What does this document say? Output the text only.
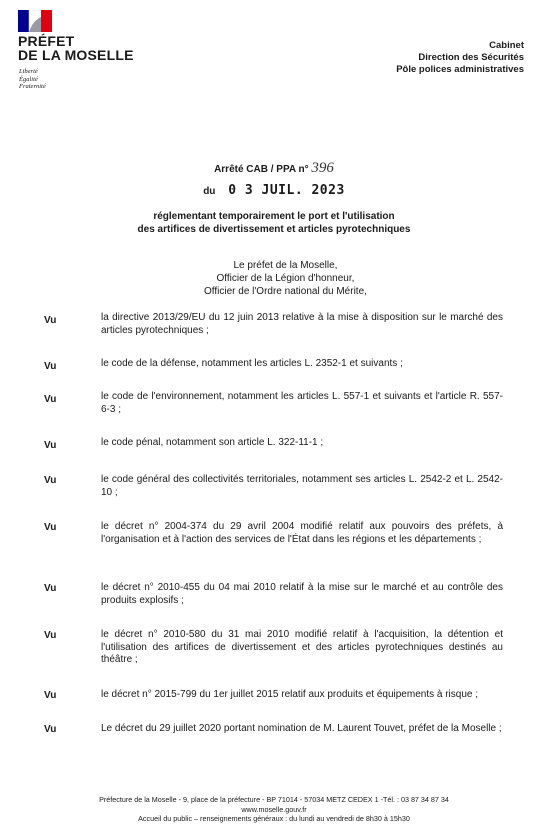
PRÉFET
DE LA MOSELLE
Liberté
Égalité
Fraternité
Cabinet
Direction des Sécurités
Pôle polices administratives
Arrêté CAB / PPA n° 396
du 0 3 JUIL. 2023
réglementant temporairement le port et l'utilisation
des artifices de divertissement et articles pyrotechniques
Le préfet de la Moselle,
Officier de la Légion d'honneur,
Officier de l'Ordre national du Mérite,
Vu	la directive 2013/29/EU du 12 juin 2013 relative à la mise à disposition sur le marché des articles pyrotechniques ;
Vu	le code de la défense, notamment les articles L. 2352-1 et suivants ;
Vu	le code de l'environnement, notamment les articles L. 557-1 et suivants et l'article R. 557-6-3 ;
Vu	le code pénal, notamment son article L. 322-11-1 ;
Vu	le code général des collectivités territoriales, notamment ses articles L. 2542-2 et L. 2542-10 ;
Vu	le décret n° 2004-374 du 29 avril 2004 modifié relatif aux pouvoirs des préfets, à l'organisation et à l'action des services de l'État dans les régions et les départements ;
Vu	le décret n° 2010-455 du 04 mai 2010 relatif à la mise sur le marché et au contrôle des produits explosifs ;
Vu	le décret n° 2010-580 du 31 mai 2010 modifié relatif à l'acquisition, la détention et l'utilisation des artifices de divertissement et des articles pyrotechniques destinés au théâtre ;
Vu	le décret n° 2015-799 du 1er juillet 2015 relatif aux produits et équipements à risque ;
Vu	Le décret du 29 juillet 2020 portant nomination de M. Laurent Touvet, préfet de la Moselle ;
Préfecture de la Moselle - 9, place de la préfecture - BP 71014 - 57034 METZ CEDEX 1 -Tél. : 03 87 34 87 34
www.moselle.gouv.fr
Accueil du public – renseignements généraux : du lundi au vendredi de 8h30 à 15h30
